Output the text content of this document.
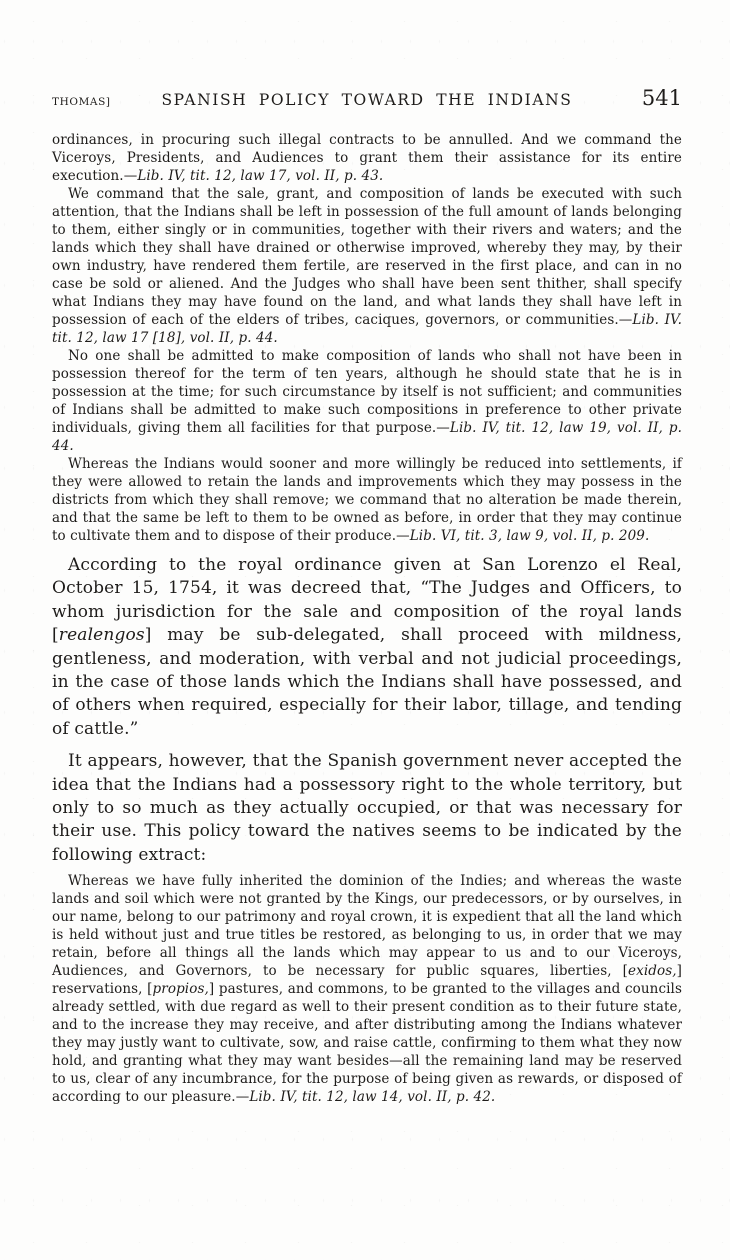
THOMAS]	SPANISH POLICY TOWARD THE INDIANS	541

ordinances, in procuring such illegal contracts to be annulled. And we command the Viceroys, Presidents, and Audiences to grant them their assistance for its entire execution.—Lib. IV, tit. 12, law 17, vol. II, p. 43.

We command that the sale, grant, and composition of lands be executed with such attention, that the Indians shall be left in possession of the full amount of lands belonging to them, either singly or in communities, together with their rivers and waters; and the lands which they shall have drained or otherwise improved, whereby they may, by their own industry, have rendered them fertile, are reserved in the first place, and can in no case be sold or aliened. And the Judges who shall have been sent thither, shall specify what Indians they may have found on the land, and what lands they shall have left in possession of each of the elders of tribes, caciques, governors, or communities.—Lib. IV. tit. 12, law 17 [18], vol. II, p. 44.

No one shall be admitted to make composition of lands who shall not have been in possession thereof for the term of ten years, although he should state that he is in possession at the time; for such circumstance by itself is not sufficient; and communities of Indians shall be admitted to make such compositions in preference to other private individuals, giving them all facilities for that purpose.—Lib. IV, tit. 12, law 19, vol. II, p. 44.

Whereas the Indians would sooner and more willingly be reduced into settlements, if they were allowed to retain the lands and improvements which they may possess in the districts from which they shall remove; we command that no alteration be made therein, and that the same be left to them to be owned as before, in order that they may continue to cultivate them and to dispose of their produce.—Lib. VI, tit. 3, law 9, vol. II, p. 209.

According to the royal ordinance given at San Lorenzo el Real, October 15, 1754, it was decreed that, “The Judges and Officers, to whom jurisdiction for the sale and composition of the royal lands [realengos] may be sub-delegated, shall proceed with mildness, gentleness, and moderation, with verbal and not judicial proceedings, in the case of those lands which the Indians shall have possessed, and of others when required, especially for their labor, tillage, and tending of cattle.”

It appears, however, that the Spanish government never accepted the idea that the Indians had a possessory right to the whole territory, but only to so much as they actually occupied, or that was necessary for their use. This policy toward the natives seems to be indicated by the following extract:

Whereas we have fully inherited the dominion of the Indies; and whereas the waste lands and soil which were not granted by the Kings, our predecessors, or by ourselves, in our name, belong to our patrimony and royal crown, it is expedient that all the land which is held without just and true titles be restored, as belonging to us, in order that we may retain, before all things all the lands which may appear to us and to our Viceroys, Audiences, and Governors, to be necessary for public squares, liberties, [exidos,] reservations, [propios,] pastures, and commons, to be granted to the villages and councils already settled, with due regard as well to their present condition as to their future state, and to the increase they may receive, and after distributing among the Indians whatever they may justly want to cultivate, sow, and raise cattle, confirming to them what they now hold, and granting what they may want besides—all the remaining land may be reserved to us, clear of any incumbrance, for the purpose of being given as rewards, or disposed of according to our pleasure.—Lib. IV, tit. 12, law 14, vol. II, p. 42.
